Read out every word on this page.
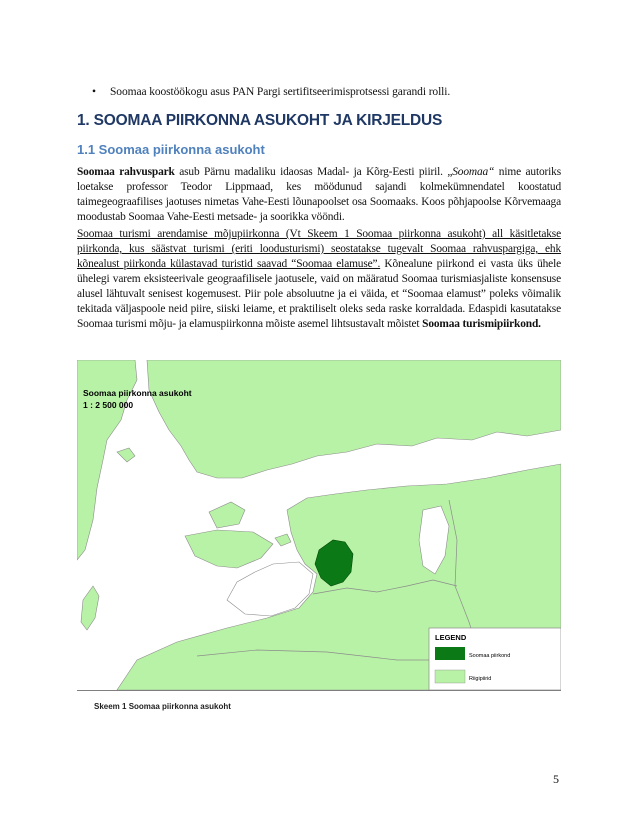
• Soomaa koostöökogu asus PAN Pargi sertifitseerimisprotsessi garandi rolli.
1. SOOMAA PIIRKONNA ASUKOHT JA KIRJELDUS
1.1 Soomaa piirkonna asukoht

Soomaa rahvuspark asub Pärnu madaliku idaosas Madal- ja Kõrg-Eesti piiril. „Soomaa“ nime autoriks loetakse professor Teodor Lippmaad, kes möödunud sajandi kolmekümnendatel koostatud taimegeograafilises jaotuses nimetas Vahe-Eesti lõunapoolset osa Soomaaks. Koos põhjapoolse Kõrvemaaga moodustab Soomaa Vahe-Eesti metsade- ja soorikka vööndi.

Soomaa turismi arendamise mõjupiirkonna (Vt Skeem 1 Soomaa piirkonna asukoht) all käsitletakse piirkonda, kus säästvat turismi (eriti loodusturismi) seostatakse tugevalt Soomaa rahvuspargiga, ehk kõnealust piirkonda külastavad turistid saavad “Soomaa elamuse”. Kõnealune piirkond ei vasta üks ühele ühelegi varem eksisteerivale geograafilisele jaotusele, vaid on määratud Soomaa turismiasjaliste konsensuse alusel lähtuvalt senisest kogemusest. Piir pole absoluutne ja ei väida, et “Soomaa elamust” poleks võimalik tekitada väljaspoole neid piire, siiski leiame, et praktiliselt oleks seda raske korraldada. Edaspidi kasutatakse Soomaa turismi mõju- ja elamuspiirkonna mõiste asemel lihtsustavalt mõistet Soomaa turismipiirkond.

Soomaa piirkonna asukoht
1 : 2 500 000
LEGEND
Soomaa piirkond
Riigipiirid
Skeem 1 Soomaa piirkonna asukoht
5
